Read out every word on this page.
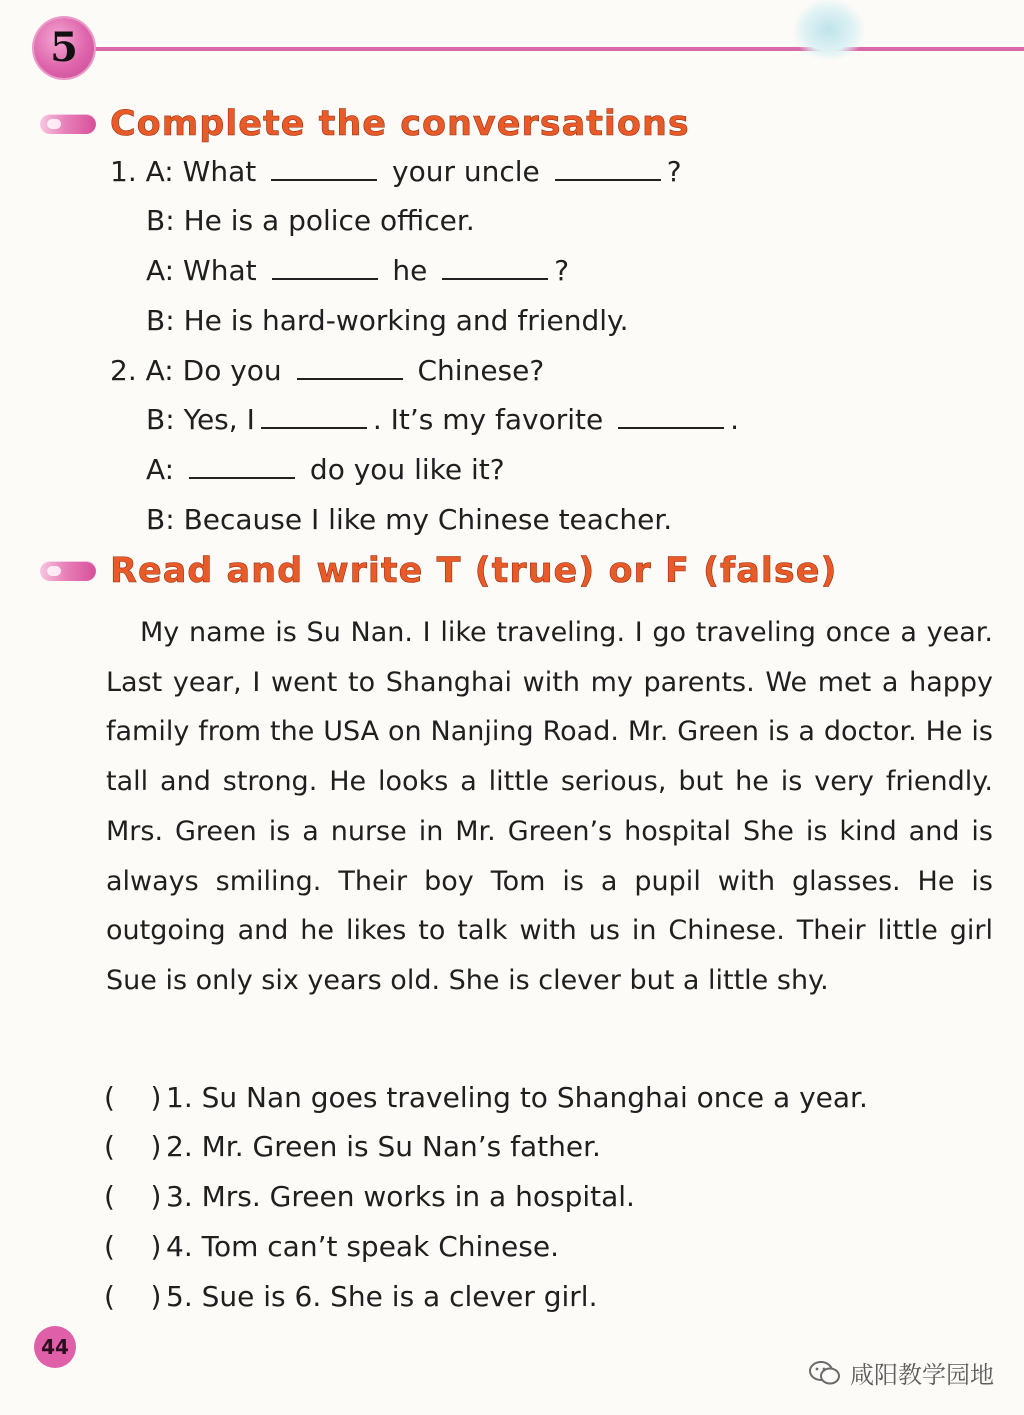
5
Complete the conversations
1. A: What	your uncle	?
B: He is a police officer.
A: What	he	?
B: He is hard-working and friendly.
2. A: Do you	Chinese?
B: Yes, I	. It’s my favorite	.
A:	do you like it?
B: Because I like my Chinese teacher.
Read and write T (true) or F (false)

My name is Su Nan. I like traveling. I go traveling once a year. Last year, I went to Shanghai with my parents. We met a happy family from the USA on Nanjing Road. Mr. Green is a doctor. He is tall and strong. He looks a little serious, but he is very friendly. Mrs. Green is a nurse in Mr. Green’s hospital She is kind and is always smiling. Their boy Tom is a pupil with glasses. He is outgoing and he likes to talk with us in Chinese. Their little girl Sue is only six years old. She is clever but a little shy.

( ) 1. Su Nan goes traveling to Shanghai once a year.
( ) 2. Mr. Green is Su Nan’s father.
( ) 3. Mrs. Green works in a hospital.
( ) 4. Tom can’t speak Chinese.
( ) 5. Sue is 6. She is a clever girl.
44
咸阳教学园地
